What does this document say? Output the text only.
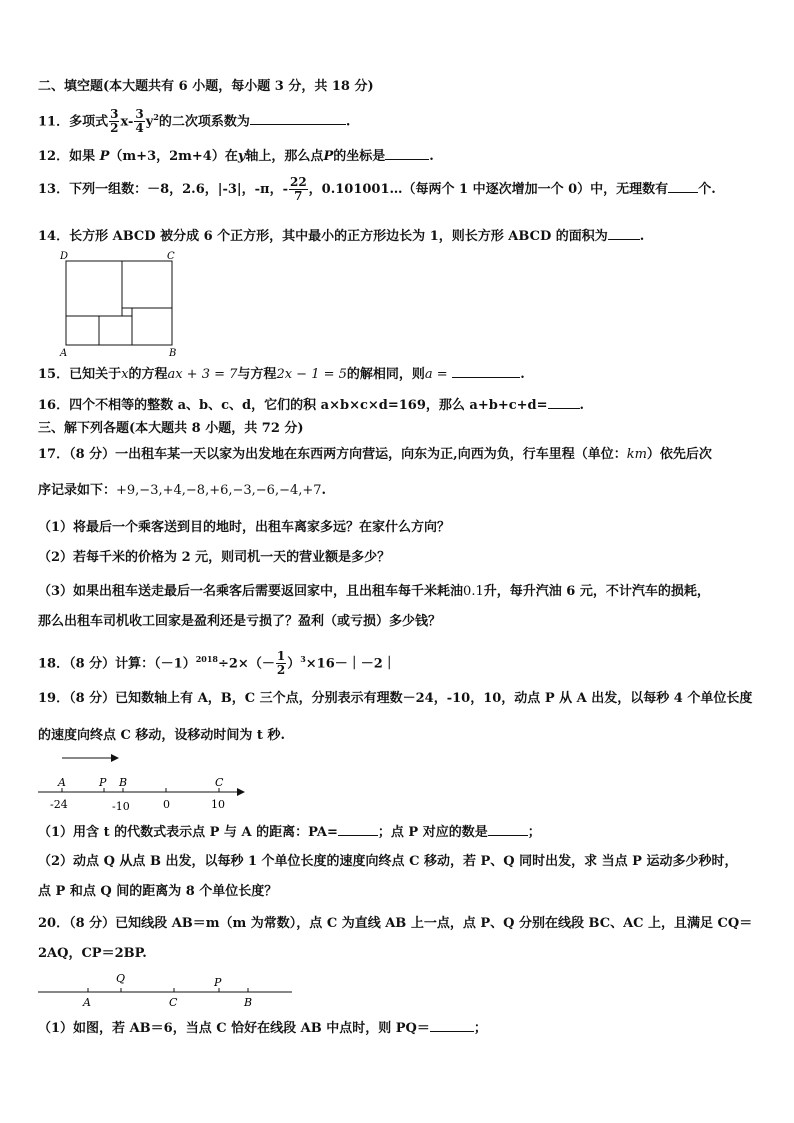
二、填空题(本大题共有 6 小题，每小题 3 分，共 18 分)
11．多项式 $\frac{3}{2} x- \frac{3}{4} y^2$的二次项系数为	.
12．如果 P（m+3，2m+4）在y轴上，那么点P的坐标是	.
13．下列一组数：－8，2.6，|-3|，-π，- $\frac{22}{7}$ ，0.101001…（每两个 1 中逐次增加一个 0）中，无理数有 个.
14．长方形 ABCD 被分成 6 个正方形，其中最小的正方形边长为 1，则长方形 ABCD 的面积为 .
D	C
A	B
15．已知关于x的方程ax + 3 = 7与方程2x − 1 = 5的解相同，则a =	.
16．四个不相等的整数 a、b、c、d，它们的积 a×b×c×d=169，那么 a+b+c+d= .
三、解下列各题(本大题共 8 小题，共 72 分)
17．（8 分）一出租车某一天以家为出发地在东西两方向营运，向东为正,向西为负，行车里程（单位：km）依先后次
序记录如下：+9,−3,+4,−8,+6,−3,−6,−4,+7.
（1）将最后一个乘客送到目的地时，出租车离家多远？在家什么方向？
（2）若每千米的价格为 2 元，则司机一天的营业额是多少？
（3）如果出租车送走最后一名乘客后需要返回家中，且出租车每千米耗油0.1升，每升汽油 6 元，不计汽车的损耗，
那么出租车司机收工回家是盈利还是亏损了？盈利（或亏损）多少钱？
18．（8 分）计算：$(-1)^{2018}\div 2\times(- \frac{1}{2}$ ）$^3\times 16-|-2|$
19．（8 分）已知数轴上有 A，B，C 三个点，分别表示有理数－24，-10，10，动点 P 从 A 出发，以每秒 4 个单位长度
的速度向终点 C 移动，设移动时间为 t 秒.
A	P B	C
-24	-10	0	10
（1）用含 t 的代数式表示点 P 与 A 的距离：PA=	；点 P 对应的数是	；
（2）动点 Q 从点 B 出发，以每秒 1 个单位长度的速度向终点 C 移动，若 P、Q 同时出发，求 当点 P 运动多少秒时，
点 P 和点 Q 间的距离为 8 个单位长度？
20．（8 分）已知线段 AB＝m（m 为常数），点 C 为直线 AB 上一点，点 P、Q 分别在线段 BC、AC 上，且满足 CQ＝
2AQ，CP＝2BP.
Q	P
A	C	B
（1）如图，若 AB＝6，当点 C 恰好在线段 AB 中点时，则 PQ＝	；
